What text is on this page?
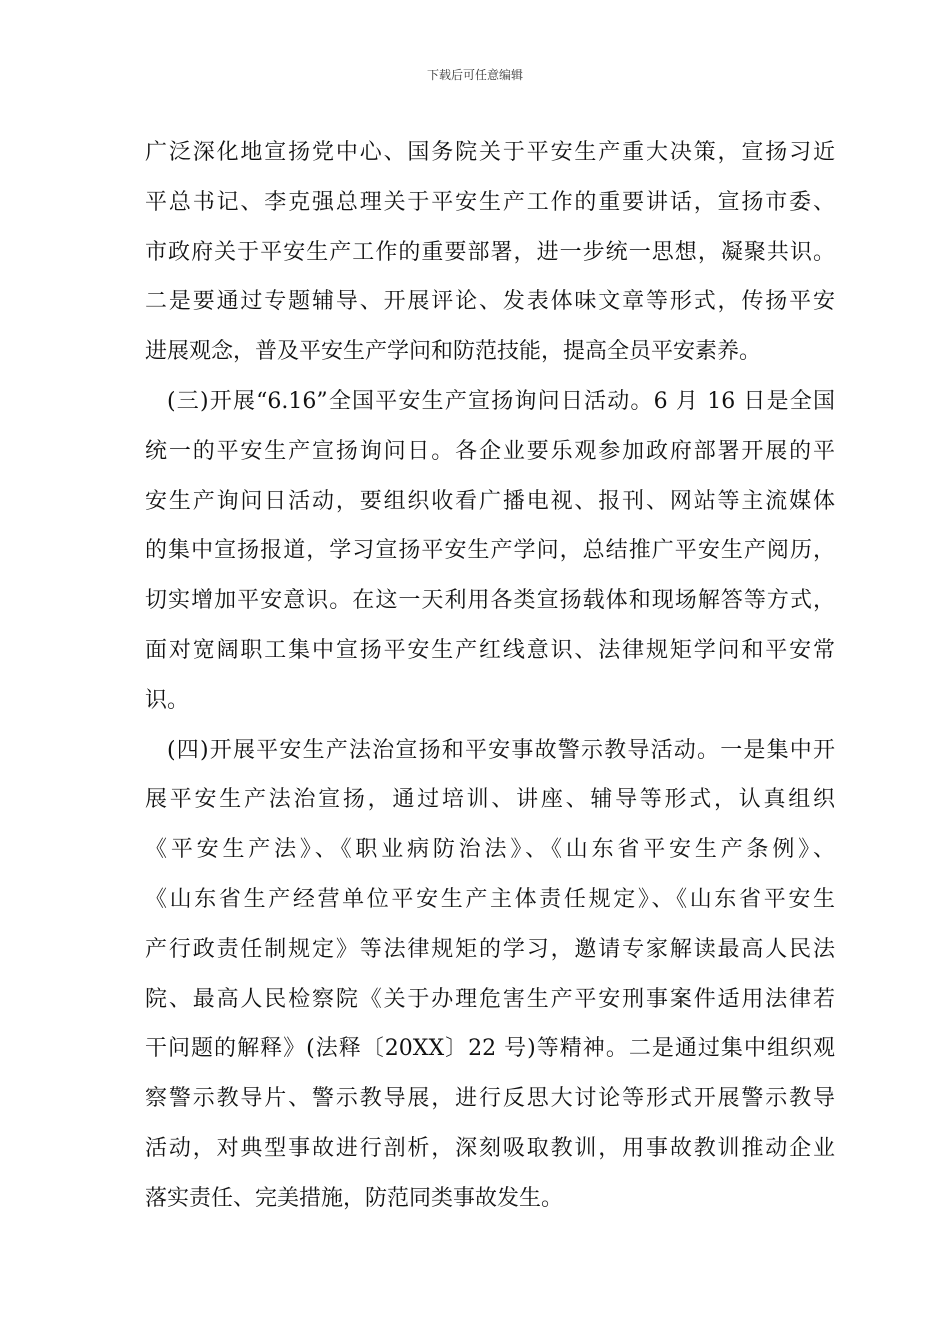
下载后可任意编辑
广泛深化地宣扬党中心、国务院关于平安生产重大决策，宣扬习近
平总书记、李克强总理关于平安生产工作的重要讲话，宣扬市委、
市政府关于平安生产工作的重要部署，进一步统一思想，凝聚共识。
二是要通过专题辅导、开展评论、发表体味文章等形式，传扬平安
进展观念，普及平安生产学问和防范技能，提高全员平安素养。
(三)开展“6.16”全国平安生产宣扬询问日活动。6 月 16 日是全国
统一的平安生产宣扬询问日。各企业要乐观参加政府部署开展的平
安生产询问日活动，要组织收看广播电视、报刊、网站等主流媒体
的集中宣扬报道，学习宣扬平安生产学问，总结推广平安生产阅历，
切实增加平安意识。在这一天利用各类宣扬载体和现场解答等方式，
面对宽阔职工集中宣扬平安生产红线意识、法律规矩学问和平安常
识。
(四)开展平安生产法治宣扬和平安事故警示教导活动。一是集中开
展平安生产法治宣扬，通过培训、讲座、辅导等形式，认真组织
《平安生产法》、《职业病防治法》、《山东省平安生产条例》、
《山东省生产经营单位平安生产主体责任规定》、《山东省平安生
产行政责任制规定》等法律规矩的学习，邀请专家解读最高人民法
院、最高人民检察院《关于办理危害生产平安刑事案件适用法律若
干问题的解释》(法释〔20XX〕22 号)等精神。二是通过集中组织观
察警示教导片、警示教导展，进行反思大讨论等形式开展警示教导
活动，对典型事故进行剖析，深刻吸取教训，用事故教训推动企业
落实责任、完美措施，防范同类事故发生。
